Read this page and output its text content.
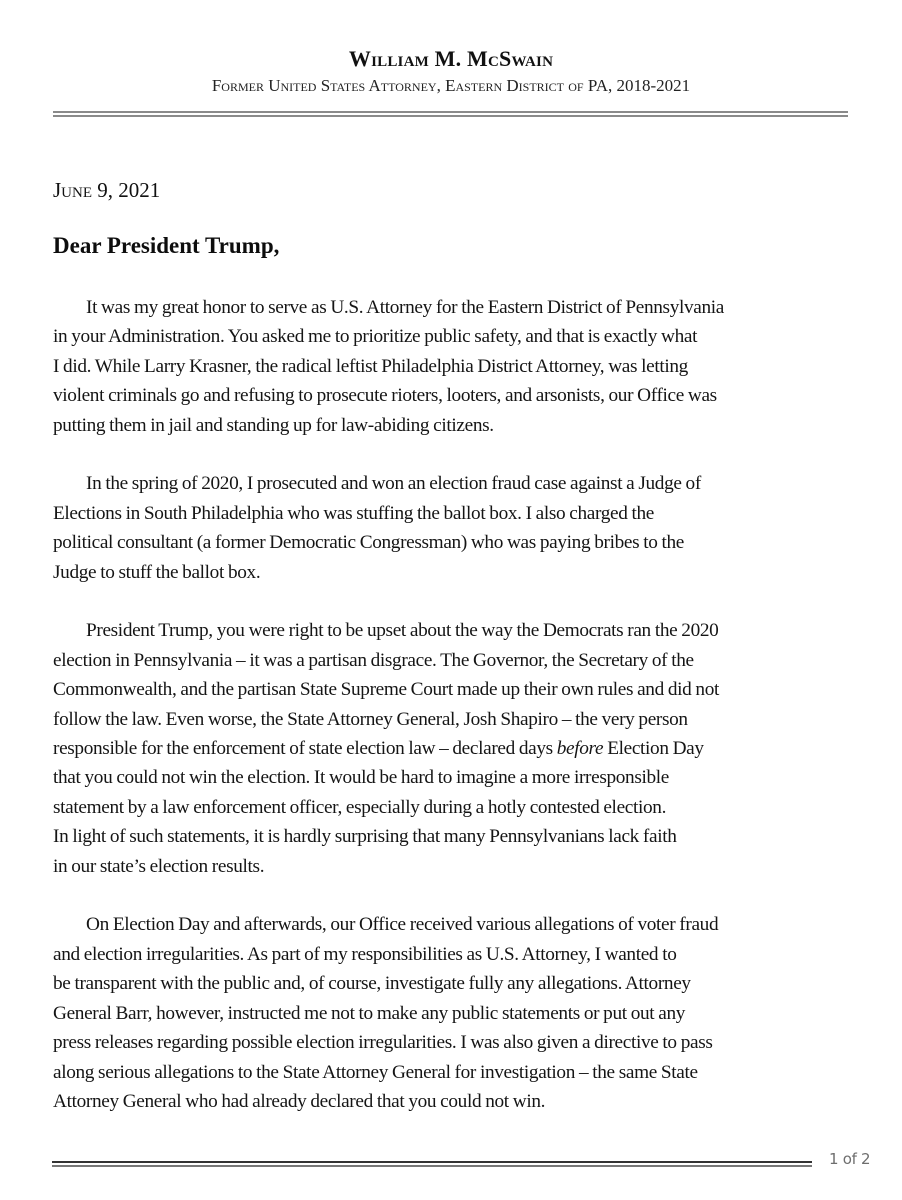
William M. McSwain
Former United States Attorney, Eastern District of PA, 2018-2021
June 9, 2021
Dear President Trump,
It was my great honor to serve as U.S. Attorney for the Eastern District of Pennsylvania
in your Administration. You asked me to prioritize public safety, and that is exactly what
I did. While Larry Krasner, the radical leftist Philadelphia District Attorney, was letting
violent criminals go and refusing to prosecute rioters, looters, and arsonists, our Office was
putting them in jail and standing up for law-abiding citizens.
In the spring of 2020, I prosecuted and won an election fraud case against a Judge of
Elections in South Philadelphia who was stuffing the ballot box. I also charged the
political consultant (a former Democratic Congressman) who was paying bribes to the
Judge to stuff the ballot box.
President Trump, you were right to be upset about the way the Democrats ran the 2020
election in Pennsylvania – it was a partisan disgrace. The Governor, the Secretary of the
Commonwealth, and the partisan State Supreme Court made up their own rules and did not
follow the law. Even worse, the State Attorney General, Josh Shapiro – the very person
responsible for the enforcement of state election law – declared days before Election Day
that you could not win the election. It would be hard to imagine a more irresponsible
statement by a law enforcement officer, especially during a hotly contested election.
In light of such statements, it is hardly surprising that many Pennsylvanians lack faith
in our state’s election results.
On Election Day and afterwards, our Office received various allegations of voter fraud
and election irregularities. As part of my responsibilities as U.S. Attorney, I wanted to
be transparent with the public and, of course, investigate fully any allegations. Attorney
General Barr, however, instructed me not to make any public statements or put out any
press releases regarding possible election irregularities. I was also given a directive to pass
along serious allegations to the State Attorney General for investigation – the same State
Attorney General who had already declared that you could not win.
1 of 2
